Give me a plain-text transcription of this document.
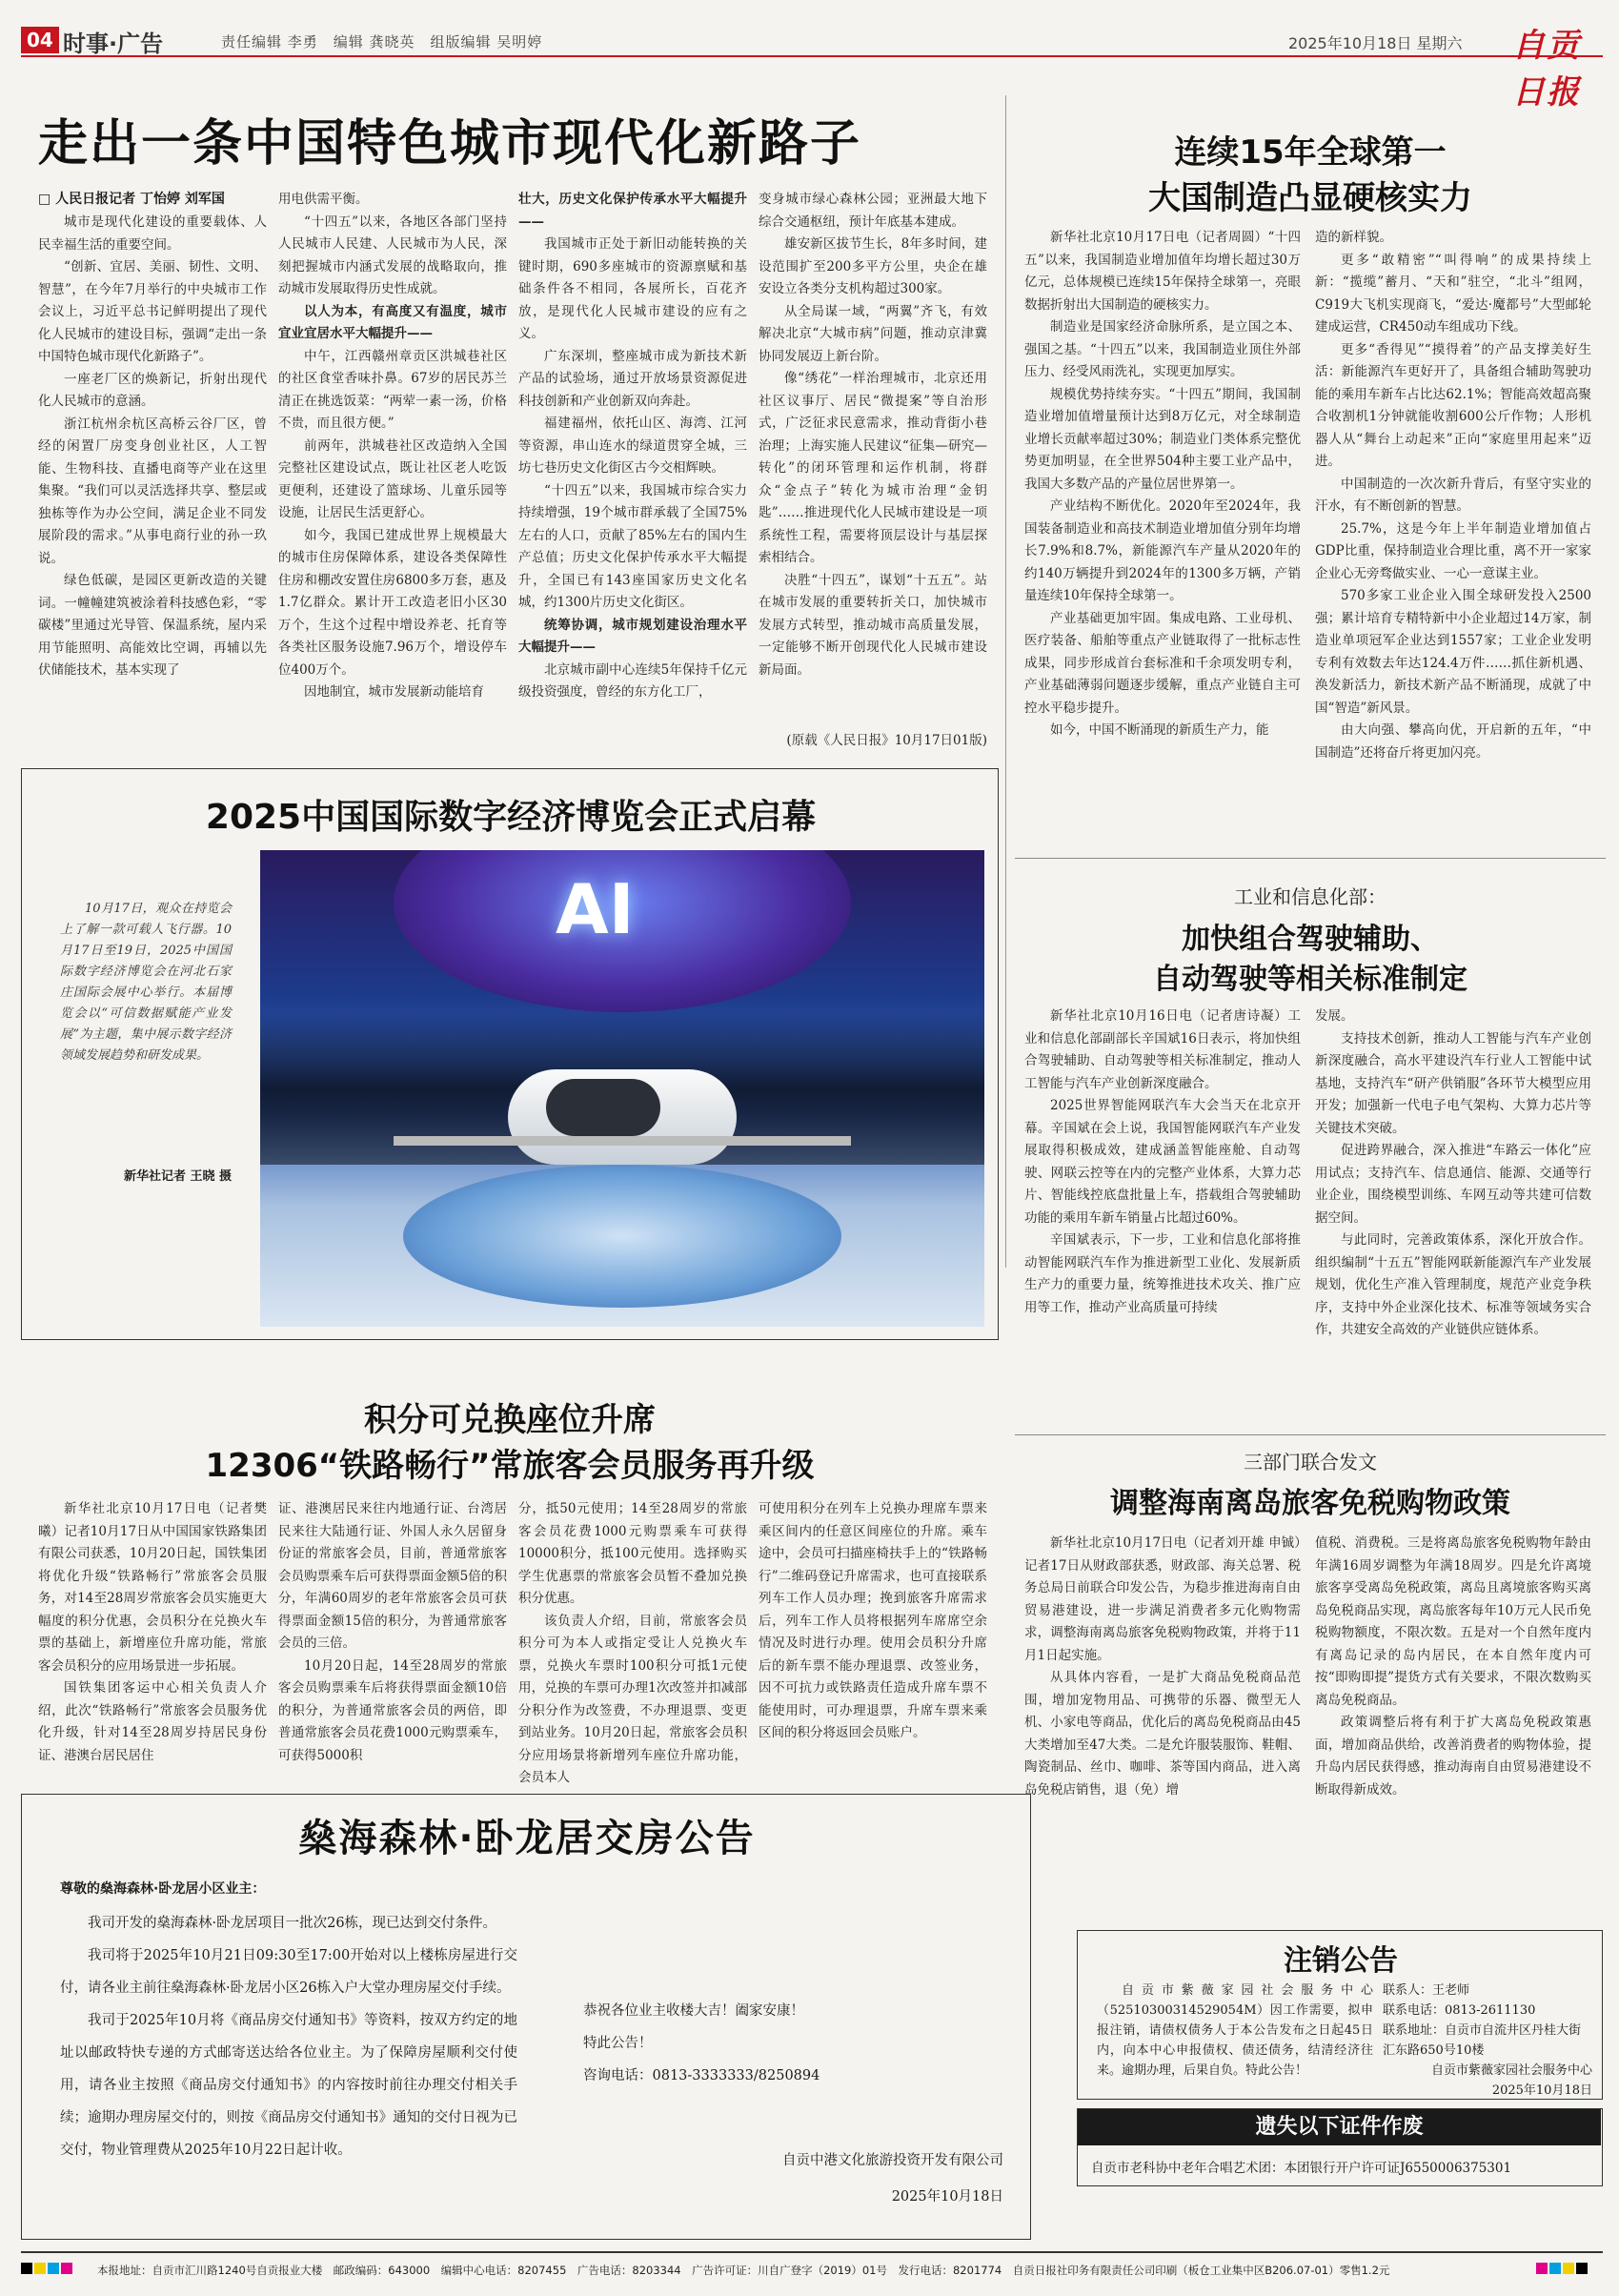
04 时事·广告	责任编辑 李勇　编辑 龚晓英　组版编辑 吴明婷	2025年10月18日 星期六 自贡日报
走出一条中国特色城市现代化新路子
□ 人民日报记者 丁怡婷 刘军国

城市是现代化建设的重要载体、人民幸福生活的重要空间。

“创新、宜居、美丽、韧性、文明、智慧”，在今年7月举行的中央城市工作会议上，习近平总书记鲜明提出了现代化人民城市的建设目标，强调“走出一条中国特色城市现代化新路子”。

一座老厂区的焕新记，折射出现代化人民城市的意涵。

浙江杭州余杭区高桥云谷厂区，曾经的闲置厂房变身创业社区，人工智能、生物科技、直播电商等产业在这里集聚。“我们可以灵活选择共享、整层或独栋等作为办公空间，满足企业不同发展阶段的需求。”从事电商行业的孙一玖说。

绿色低碳，是园区更新改造的关键词。一幢幢建筑被涂着科技感色彩，“零碳楼”里通过光导管、保温系统，屋内采用节能照明、高能效比空调，再辅以先伏储能技术，基本实现了

用电供需平衡。

“十四五”以来，各地区各部门坚持人民城市人民建、人民城市为人民，深刻把握城市内涵式发展的战略取向，推动城市发展取得历史性成就。

以人为本，有高度又有温度，城市宜业宜居水平大幅提升——

中午，江西赣州章贡区洪城巷社区的社区食堂香味扑鼻。67岁的居民苏兰清正在挑选饭菜：“两荤一素一汤，价格不贵，而且很方便。”

前两年，洪城巷社区改造纳入全国完整社区建设试点，既让社区老人吃饭更便利，还建设了篮球场、儿童乐园等设施，让居民生活更舒心。

如今，我国已建成世界上规模最大的城市住房保障体系，建设各类保障性住房和棚改安置住房6800多万套，惠及1.7亿群众。累计开工改造老旧小区30万个，生这个过程中增设养老、托育等各类社区服务设施7.96万个，增设停车位400万个。

因地制宜，城市发展新动能培育

壮大，历史文化保护传承水平大幅提升——

我国城市正处于新旧动能转换的关键时期，690多座城市的资源禀赋和基础条件各不相同，各展所长，百花齐放，是现代化人民城市建设的应有之义。

广东深圳，整座城市成为新技术新产品的试验场，通过开放场景资源促进科技创新和产业创新双向奔赴。

福建福州，依托山区、海湾、江河等资源，串山连水的绿道贯穿全城，三坊七巷历史文化街区古今交相辉映。

“十四五”以来，我国城市综合实力持续增强，19个城市群承载了全国75%左右的人口，贡献了85%左右的国内生产总值；历史文化保护传承水平大幅提升，全国已有143座国家历史文化名城，约1300片历史文化街区。

统筹协调，城市规划建设治理水平大幅提升——

北京城市副中心连续5年保持千亿元级投资强度，曾经的东方化工厂，

变身城市绿心森林公园；亚洲最大地下综合交通枢纽，预计年底基本建成。

雄安新区拔节生长，8年多时间，建设范围扩至200多平方公里，央企在雄安设立各类分支机构超过300家。

从全局谋一域，“两翼”齐飞，有效解决北京“大城市病”问题，推动京津冀协同发展迈上新台阶。

像“绣花”一样治理城市，北京还用社区议事厅、居民“微提案”等自治形式，广泛征求民意需求，推动背街小巷治理；上海实施人民建议“征集—研究—转化”的闭环管理和运作机制，将群众“金点子”转化为城市治理“金钥匙”……推进现代化人民城市建设是一项系统性工程，需要将顶层设计与基层探索相结合。

决胜“十四五”，谋划“十五五”。站在城市发展的重要转折关口，加快城市发展方式转型，推动城市高质量发展，一定能够不断开创现代化人民城市建设新局面。

(原载《人民日报》10月17日01版)
连续15年全球第一
大国制造凸显硬核实力

新华社北京10月17日电（记者周圆）“十四五”以来，我国制造业增加值年均增长超过30万亿元，总体规模已连续15年保持全球第一，亮眼数据折射出大国制造的硬核实力。

制造业是国家经济命脉所系，是立国之本、强国之基。“十四五”以来，我国制造业顶住外部压力、经受风雨洗礼，实现更加厚实。

规模优势持续夯实。“十四五”期间，我国制造业增加值增量预计达到8万亿元，对全球制造业增长贡献率超过30%；制造业门类体系完整优势更加明显，在全世界504种主要工业产品中，我国大多数产品的产量位居世界第一。

产业结构不断优化。2020年至2024年，我国装备制造业和高技术制造业增加值分别年均增长7.9%和8.7%，新能源汽车产量从2020年的约140万辆提升到2024年的1300多万辆，产销量连续10年保持全球第一。

产业基础更加牢固。集成电路、工业母机、医疗装备、船舶等重点产业链取得了一批标志性成果，同步形成首台套标准和千余项发明专利，产业基础薄弱问题逐步缓解，重点产业链自主可控水平稳步提升。

如今，中国不断涌现的新质生产力，能

造的新样貌。

更多“敢精密”“叫得响”的成果持续上新：“揽缆”蓄月、“天和”驻空，“北斗”组网，C919大飞机实现商飞，“爱达·魔都号”大型邮轮建成运营，CR450动车组成功下线。

更多“香得见”“摸得着”的产品支撑美好生活：新能源汽车更好开了，具备组合辅助驾驶功能的乘用车新车占比达62.1%；智能高效超高聚合收割机1分钟就能收割600公斤作物；人形机器人从“舞台上动起来”正向“家庭里用起来”迈进。

中国制造的一次次新升背后，有坚守实业的汗水，有不断创新的智慧。

25.7%，这是今年上半年制造业增加值占GDP比重，保持制造业合理比重，离不开一家家企业心无旁骛做实业、一心一意谋主业。

570多家工业企业入围全球研发投入2500强；累计培育专精特新中小企业超过14万家，制造业单项冠军企业达到1557家；工业企业发明专利有效数去年达124.4万件……抓住新机遇、涣发新活力，新技术新产品不断涌现，成就了中国“智造”新风景。

由大向强、攀高向优，开启新的五年，“中国制造”还将奋斤将更加闪亮。

2025中国国际数字经济博览会正式启幕
10月17日，观众在持览会上了解一款可载人飞行器。10月17日至19日，2025中国国际数字经济博览会在河北石家庄国际会展中心举行。本届博览会以“可信数据赋能产业发展”为主题，集中展示数字经济领域发展趋势和研发成果。
新华社记者 王晓 摄
AI	工业和信息化部：
加快组合驾驶辅助、
自动驾驶等相关标准制定

新华社北京10月16日电（记者唐诗凝）工业和信息化部副部长辛国斌16日表示，将加快组合驾驶辅助、自动驾驶等相关标准制定，推动人工智能与汽车产业创新深度融合。

2025世界智能网联汽车大会当天在北京开幕。辛国斌在会上说，我国智能网联汽车产业发展取得积极成效，建成涵盖智能座舱、自动驾驶、网联云控等在内的完整产业体系，大算力芯片、智能线控底盘批量上车，搭载组合驾驶辅助功能的乘用车新车销量占比超过60%。

辛国斌表示，下一步，工业和信息化部将推动智能网联汽车作为推进新型工业化、发展新质生产力的重要力量，统筹推进技术攻关、推广应用等工作，推动产业高质量可持续

发展。

支持技术创新，推动人工智能与汽车产业创新深度融合，高水平建设汽车行业人工智能中试基地，支持汽车“研产供销服”各环节大模型应用开发；加强新一代电子电气架构、大算力芯片等关键技术突破。

促进跨界融合，深入推进“车路云一体化”应用试点；支持汽车、信息通信、能源、交通等行业企业，围绕模型训练、车网互动等共建可信数据空间。

与此同时，完善政策体系，深化开放合作。组织编制“十五五”智能网联新能源汽车产业发展规划，优化生产准入管理制度，规范产业竞争秩序，支持中外企业深化技术、标准等领域务实合作，共建安全高效的产业链供应链体系。

积分可兑换座位升席
12306“铁路畅行”常旅客会员服务再升级

新华社北京10月17日电（记者樊曦）记者10月17日从中国国家铁路集团有限公司获悉，10月20日起，国铁集团将优化升级“铁路畅行”常旅客会员服务，对14至28周岁常旅客会员实施更大幅度的积分优惠，会员积分在兑换火车票的基础上，新增座位升席功能，常旅客会员积分的应用场景进一步拓展。

国铁集团客运中心相关负责人介绍，此次“铁路畅行”常旅客会员服务优化升级，针对14至28周岁持居民身份证、港澳台居民居住

证、港澳居民来往内地通行证、台湾居民来往大陆通行证、外国人永久居留身份证的常旅客会员，目前，普通常旅客会员购票乘车后可获得票面金额5倍的积分，年满60周岁的老年常旅客会员可获得票面金额15倍的积分，为普通常旅客会员的三倍。

10月20日起，14至28周岁的常旅客会员购票乘车后将获得票面金额10倍的积分，为普通常旅客会员的两倍，即普通常旅客会员花费1000元购票乘车，可获得5000积

分，抵50元使用；14至28周岁的常旅客会员花费1000元购票乘车可获得10000积分，抵100元使用。选择购买学生优惠票的常旅客会员暂不叠加兑换积分优惠。

该负责人介绍，目前，常旅客会员积分可为本人或指定受让人兑换火车票，兑换火车票时100积分可抵1元使用，兑换的车票可办理1次改签并扣减部分积分作为改签费，不办理退票、变更到站业务。10月20日起，常旅客会员积分应用场景将新增列车座位升席功能，会员本人

可使用积分在列车上兑换办理席车票来乘区间内的任意区间座位的升席。乘车途中，会员可扫描座椅扶手上的“铁路畅行”二维码登记升席需求，也可直接联系列车工作人员办理；挽到旅客升席需求后，列车工作人员将根据列车席席空余情况及时进行办理。使用会员积分升席后的新车票不能办理退票、改签业务，因不可抗力或铁路责任造成升席车票不能使用时，可办理退票，升席车票来乘区间的积分将返回会员账户。

三部门联合发文
调整海南离岛旅客免税购物政策

新华社北京10月17日电（记者刘开雄 申铖）记者17日从财政部获悉，财政部、海关总署、税务总局日前联合印发公告，为稳步推进海南自由贸易港建设，进一步满足消费者多元化购物需求，调整海南离岛旅客免税购物政策，并将于11月1日起实施。

从具体内容看，一是扩大商品免税商品范围，增加宠物用品、可携带的乐器、微型无人机、小家电等商品，优化后的离岛免税商品由45大类增加至47大类。二是允许服装服饰、鞋帽、陶瓷制品、丝巾、咖啡、茶等国内商品，进入离岛免税店销售，退（免）增

值税、消费税。三是将离岛旅客免税购物年龄由年满16周岁调整为年满18周岁。四是允许离境旅客享受离岛免税政策，离岛且离境旅客购买离岛免税商品实现，离岛旅客每年10万元人民币免税购物额度，不限次数。五是对一个自然年度内有离岛记录的岛内居民，在本自然年度内可按“即购即提”提货方式有关要求，不限次数购买离岛免税商品。

政策调整后将有利于扩大离岛免税政策惠面，增加商品供给，改善消费者的购物体验，提升岛内居民获得感，推动海南自由贸易港建设不断取得新成效。

燊海森林·卧龙居交房公告
尊敬的燊海森林·卧龙居小区业主：

我司开发的燊海森林·卧龙居项目一批次26栋，现已达到交付条件。

我司将于2025年10月21日09:30至17:00开始对以上楼栋房屋进行交付，请各业主前往燊海森林·卧龙居小区26栋入户大堂办理房屋交付手续。

我司于2025年10月将《商品房交付通知书》等资料，按双方约定的地址以邮政特快专递的方式邮寄送达给各位业主。为了保障房屋顺利交付使用，请各业主按照《商品房交付通知书》的内容按时前往办理交付相关手续；逾期办理房屋交付的，则按《商品房交付通知书》通知的交付日视为已交付，物业管理费从2025年10月22日起计收。

恭祝各位业主收楼大吉！阖家安康！

特此公告！

咨询电话：0813-3333333/8250894

自贡中港文化旅游投资开发有限公司
2025年10月18日
注销公告
自贡市紫薇家园社会服务中心（52510300314529054M）因工作需要，拟申报注销，请债权债务人于本公告发布之日起45日内，向本中心申报债权、债还债务，结清经济往来。逾期办理，后果自负。特此公告！
联系人：王老师
联系电话：0813-2611130
联系地址：自贡市自流井区丹桂大街汇东路650号10楼
自贡市紫薇家园社会服务中心
2025年10月18日
遗失以下证件作废
自贡市老科协中老年合唱艺术团：本团银行开户许可证J6550006375301
本报地址：自贡市汇川路1240号自贡报业大楼　邮政编码：643000　编辑中心电话：8207455　广告电话：8203344　广告许可证：川自广登字（2019）01号　发行电话：8201774　自贡日报社印务有限责任公司印刷（板仓工业集中区B206.07-01）零售1.2元
